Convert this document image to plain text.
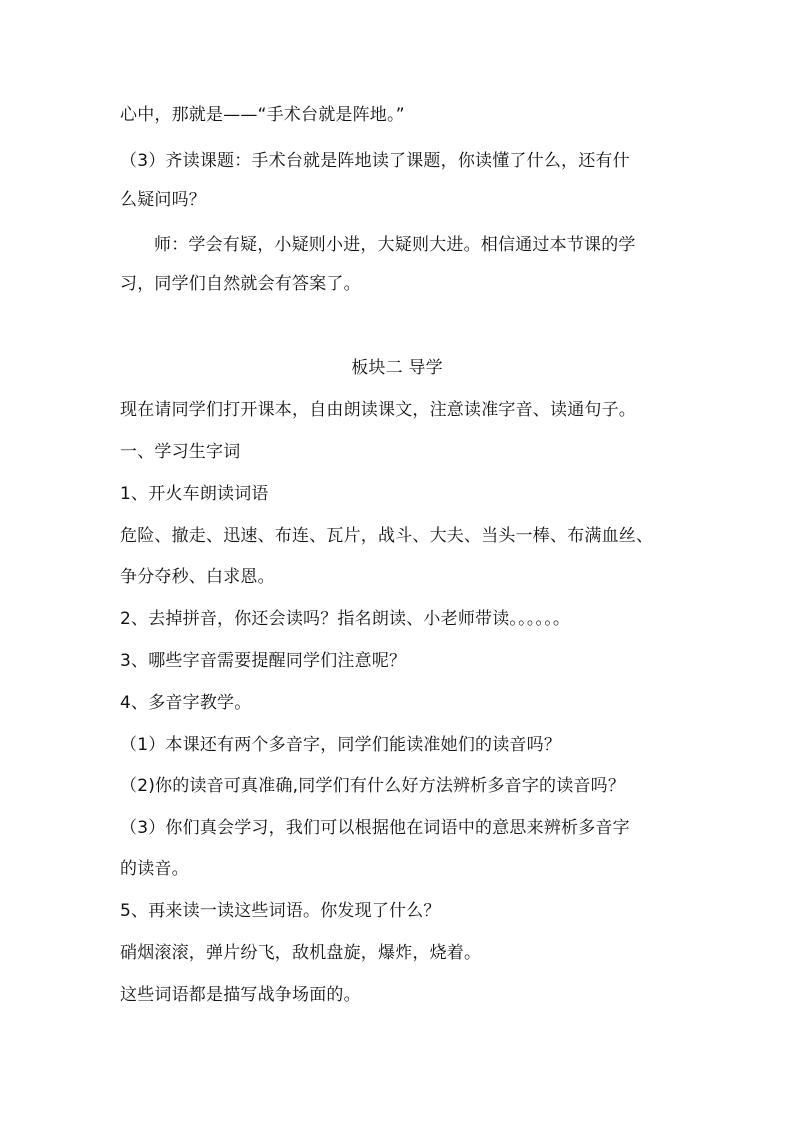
心中，那就是——“手术台就是阵地。”
（3）齐读课题：手术台就是阵地读了课题，你读懂了什么，还有什
么疑问吗？
师：学会有疑，小疑则小进，大疑则大进。相信通过本节课的学
习，同学们自然就会有答案了。
板块二 导学
现在请同学们打开课本，自由朗读课文，注意读准字音、读通句子。
一、学习生字词
1、开火车朗读词语
危险、撤走、迅速、布连、瓦片，战斗、大夫、当头一棒、布满血丝、
争分夺秒、白求恩。
2、去掉拼音，你还会读吗？指名朗读、小老师带读。。。。。。
3、哪些字音需要提醒同学们注意呢？
4、多音字教学。
（1）本课还有两个多音字，同学们能读准她们的读音吗？
（2)你的读音可真准确,同学们有什么好方法辨析多音字的读音吗？
（3）你们真会学习，我们可以根据他在词语中的意思来辨析多音字
的读音。
5、再来读一读这些词语。你发现了什么？
硝烟滚滚，弹片纷飞，敌机盘旋，爆炸，烧着。
这些词语都是描写战争场面的。
